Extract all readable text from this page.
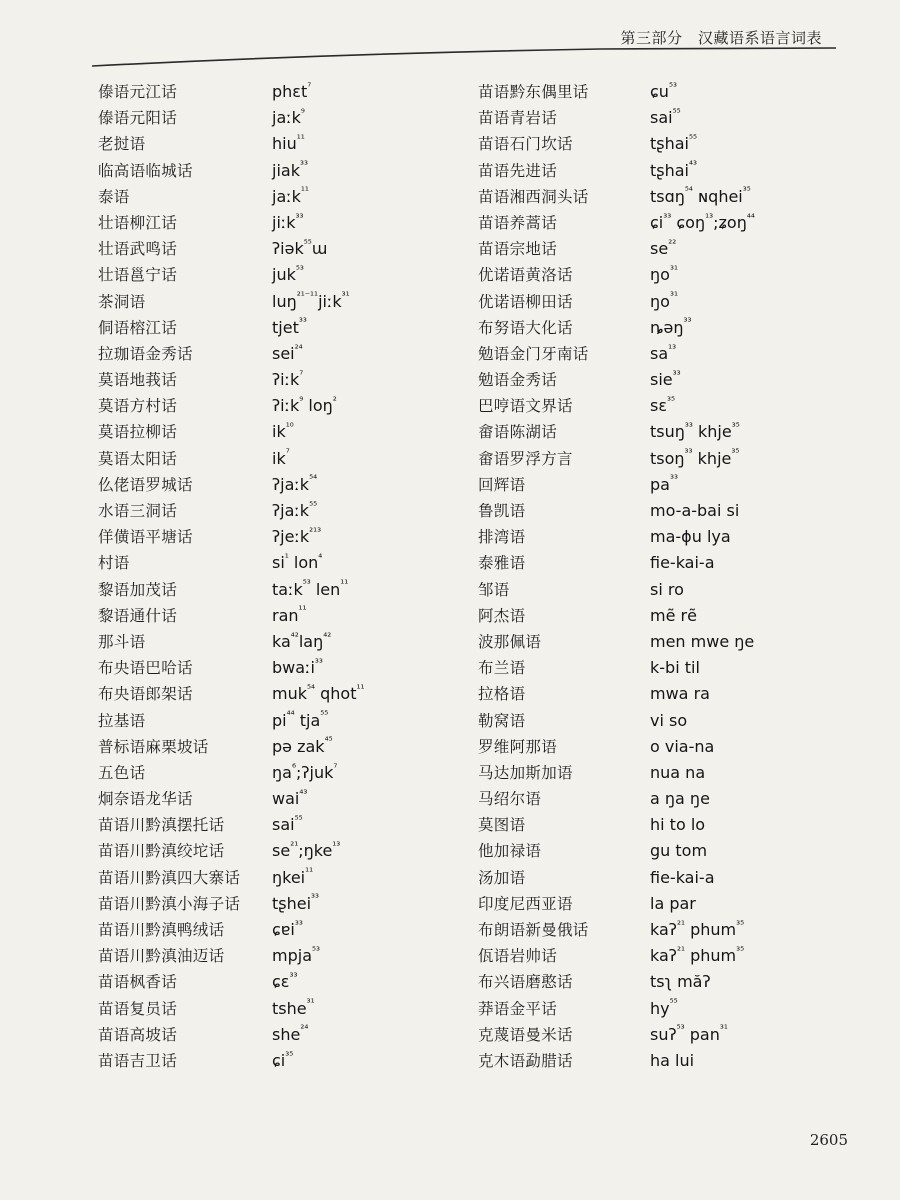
第三部分　汉藏语系语言词表
傣语元江话	phɛt$^{^7}$
傣语元阳话	jaːk$^{^9}$
老挝语	hiu$^{^{11}}$
临高语临城话	jiak$^{^{33}}$
泰语	jaːk$^{^{11}}$
壮语柳江话	jiːk$^{^{33}}$
壮语武鸣话	ʔiək$^{^{55}}$ɯ
壮语邕宁话	juk$^{^{53}}$
茶洞语	luŋ$^{^{21-11}}$jiːk$^{^{31}}$
侗语榕江话	tjet$^{^{33}}$
拉珈语金秀话	sei$^{^{24}}$
莫语地莪话	ʔiːk$^{^7}$
莫语方村话	ʔiːk$^{^9}$ loŋ$^{^2}$
莫语拉柳话	$ik^{^{10}}$
莫语太阳话	$ik^{^7}$
仫佬语罗城话	ʔjaːk$^{^{54}}$
水语三洞话	ʔjaːk$^{^{55}}$
佯僙语平塘话	ʔjeːk$^{^{213}}$
村语	$si^{^1}$ lon$^{^4}$
黎语加茂话	taːk$^{^{53}}$ len$^{^{11}}$
黎语通什话	ran$^{^{11}}$
那斗语	$ka^{^{42}}laŋ^{^{42}}$
布央语巴哈话	bwaːi$^{^{33}}$
布央语郎架话	muk$^{^{54}}$ qhot$^{^{11}}$
拉基语	$pi^{^{44}}$ tja$^{^{55}}$
普标语麻栗坡话	pə zak$^{^{45}}$
五色话	$ŋa^{^6};ʔjuk^{^7}$
炯奈语龙华话	wai$^{^{43}}$
苗语川黔滇摆托话	sai$^{^{55}}$
苗语川黔滇绞坨话	$se^{^{21}};ŋke^{^{13}}$
苗语川黔滇四大寨话	ŋkei$^{^{11}}$
苗语川黔滇小海子话	tʂhei$^{^{33}}$
苗语川黔滇鸭绒话	ɕɐi$^{^{33}}$
苗语川黔滇油迈话	mpja$^{^{53}}$
苗语枫香话	ɕɛ$^{^{33}}$
苗语复员话	tshe$^{^{31}}$
苗语高坡话	she$^{^{24}}$
苗语吉卫话	ɕi$^{^{35}}$
苗语黔东偶里话	ɕu$^{^{53}}$
苗语青岩话	sai$^{^{55}}$
苗语石门坎话	tʂhai$^{^{55}}$
苗语先进话	tʂhai$^{^{43}}$
苗语湘西洞头话	tsɑŋ$^{^{54}}$ ɴqhei$^{^{35}}$
苗语养蒿话	ɕi$^{^{33}}$ ɕoŋ$^{^{13}}$;ʑoŋ$^{^{44}}$
苗语宗地话	$se^{^{22}}$
优诺语黄洛话	$ŋo^{^{31}}$
优诺语柳田话	$ŋo^{^{31}}$
布努语大化话	ȵəŋ$^{^{33}}$
勉语金门牙南话	$sa^{^{13}}$
勉语金秀话	sie$^{^{33}}$
巴哼语文界话	sɛ$^{^{35}}$
畲语陈湖话	tsuŋ$^{^{33}}$ khje$^{^{35}}$
畲语罗浮方言	tsoŋ$^{^{33}}$ khje$^{^{35}}$
回辉语	$pa^{^{33}}$
鲁凯语	mo-a-bai si
排湾语	ma-ɸu lya
泰雅语	fie-kai-a
邹语	si ro
阿杰语	mẽ rẽ
波那佩语	men mwe ŋe
布兰语	k-bi til
拉格语	mwa ra
勒窝语	vi so
罗维阿那语	o via-na
马达加斯加语	nua na
马绍尔语	a ŋa ŋe
莫图语	hi to lo
他加禄语	gu tom
汤加语	fie-kai-a
印度尼西亚语	la par
布朗语新曼俄话	kaʔ$^{^{21}}$ phum$^{^{35}}$
佤语岩帅话	kaʔ$^{^{21}}$ phum$^{^{35}}$
布兴语磨憨话	tsʅ măʔ
莽语金平话	$hy^{^{55}}$
克蔑语曼米话	suʔ$^{^{53}}$ pan$^{^{31}}$
克木语勐腊话	ha lui
2605
